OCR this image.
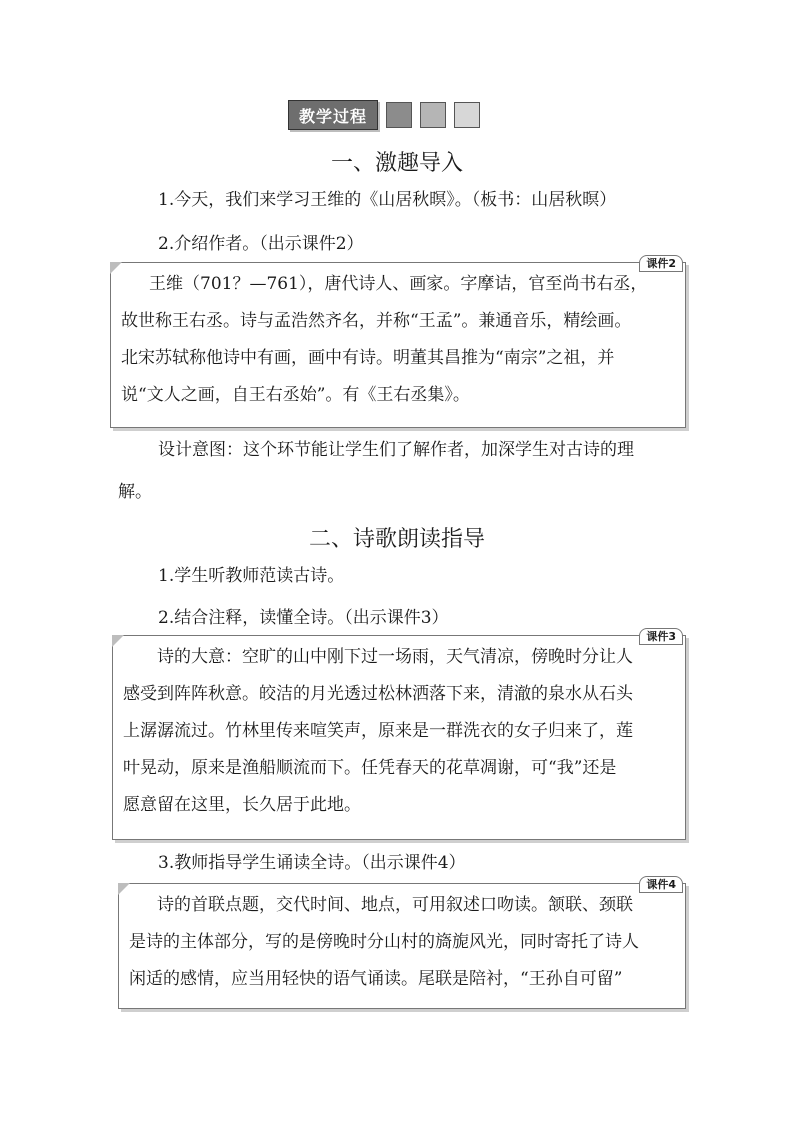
教学过程
一、激趣导入
1.今天，我们来学习王维的《山居秋暝》。（板书：山居秋暝）
2.介绍作者。（出示课件2）
课件2
王维（701？—761），唐代诗人、画家。字摩诘，官至尚书右丞，
故世称王右丞。诗与孟浩然齐名，并称“王孟”。兼通音乐，精绘画。
北宋苏轼称他诗中有画，画中有诗。明董其昌推为“南宗”之祖，并
说“文人之画，自王右丞始”。有《王右丞集》。
设计意图：这个环节能让学生们了解作者，加深学生对古诗的理
解。
二、诗歌朗读指导
1.学生听教师范读古诗。
2.结合注释，读懂全诗。（出示课件3）
课件3
诗的大意：空旷的山中刚下过一场雨，天气清凉，傍晚时分让人
感受到阵阵秋意。皎洁的月光透过松林洒落下来，清澈的泉水从石头
上潺潺流过。竹林里传来喧笑声，原来是一群洗衣的女子归来了，莲
叶晃动，原来是渔船顺流而下。任凭春天的花草凋谢，可“我”还是
愿意留在这里，长久居于此地。
3.教师指导学生诵读全诗。（出示课件4）
课件4
诗的首联点题，交代时间、地点，可用叙述口吻读。颔联、颈联
是诗的主体部分，写的是傍晚时分山村的旖旎风光，同时寄托了诗人
闲适的感情，应当用轻快的语气诵读。尾联是陪衬，“王孙自可留”
